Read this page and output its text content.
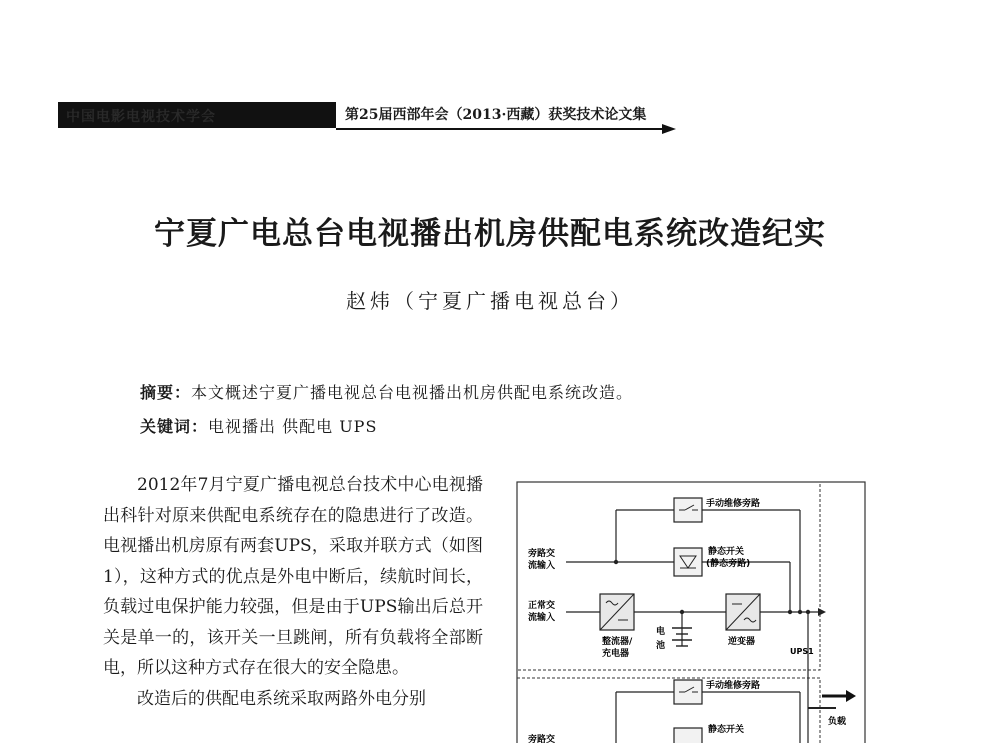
中国电影电视技术学会	第25届西部年会（2013·西藏）获奖技术论文集
宁夏广电总台电视播出机房供配电系统改造纪实
赵炜（宁夏广播电视总台）
摘要：本文概述宁夏广播电视总台电视播出机房供配电系统改造。
关键词：电视播出 供配电 UPS

2012年7月宁夏广播电视总台技术中心电视播出科针对原来供配电系统存在的隐患进行了改造。电视播出机房原有两套UPS，采取并联方式（如图1），这种方式的优点是外电中断后，续航时间长，负载过电保护能力较强，但是由于UPS输出后总开关是单一的，该开关一旦跳闸，所有负载将全部断电，所以这种方式存在很大的安全隐患。

改造后的供配电系统采取两路外电分别

手动维修旁路
静态开关
(静态旁路)
旁路交
流输入
正常交
流输入
整流器/
充电器
电
池	逆变器
UPS1
手动维修旁路
静态开关
旁路交
负载
